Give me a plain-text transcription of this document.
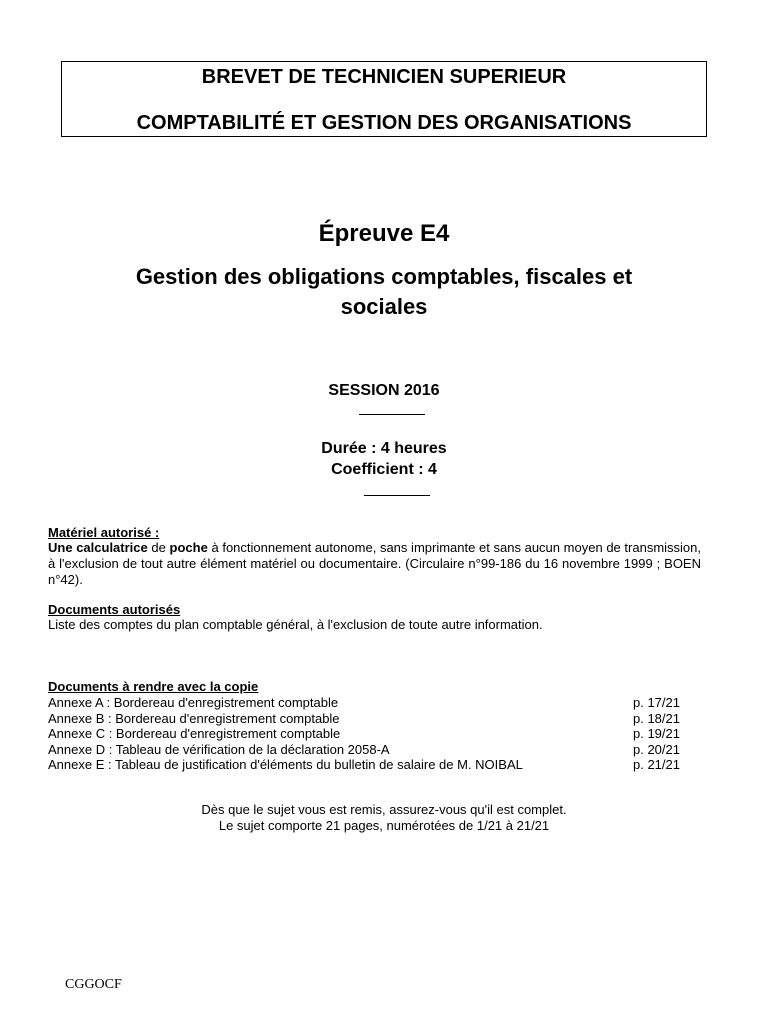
BREVET DE TECHNICIEN SUPERIEUR
COMPTABILITÉ ET GESTION DES ORGANISATIONS
Épreuve E4
Gestion des obligations comptables, fiscales et
sociales
SESSION 2016
Durée : 4 heures
Coefficient : 4
Matériel autorisé :
Une calculatrice de poche à fonctionnement autonome, sans imprimante et sans aucun moyen de transmission, à l'exclusion de tout autre élément matériel ou documentaire. (Circulaire n°99-186 du 16 novembre 1999 ; BOEN n°42).
Documents autorisés
Liste des comptes du plan comptable général, à l'exclusion de toute autre information.
Documents à rendre avec la copie
Annexe A : Bordereau d'enregistrement comptable	p. 17/21
Annexe B : Bordereau d'enregistrement comptable	p. 18/21
Annexe C : Bordereau d'enregistrement comptable	p. 19/21
Annexe D : Tableau de vérification de la déclaration 2058-A	p. 20/21
Annexe E : Tableau de justification d'éléments du bulletin de salaire de M. NOIBAL	p. 21/21
Dès que le sujet vous est remis, assurez-vous qu'il est complet.
Le sujet comporte 21 pages, numérotées de 1/21 à 21/21
CGGOCF
